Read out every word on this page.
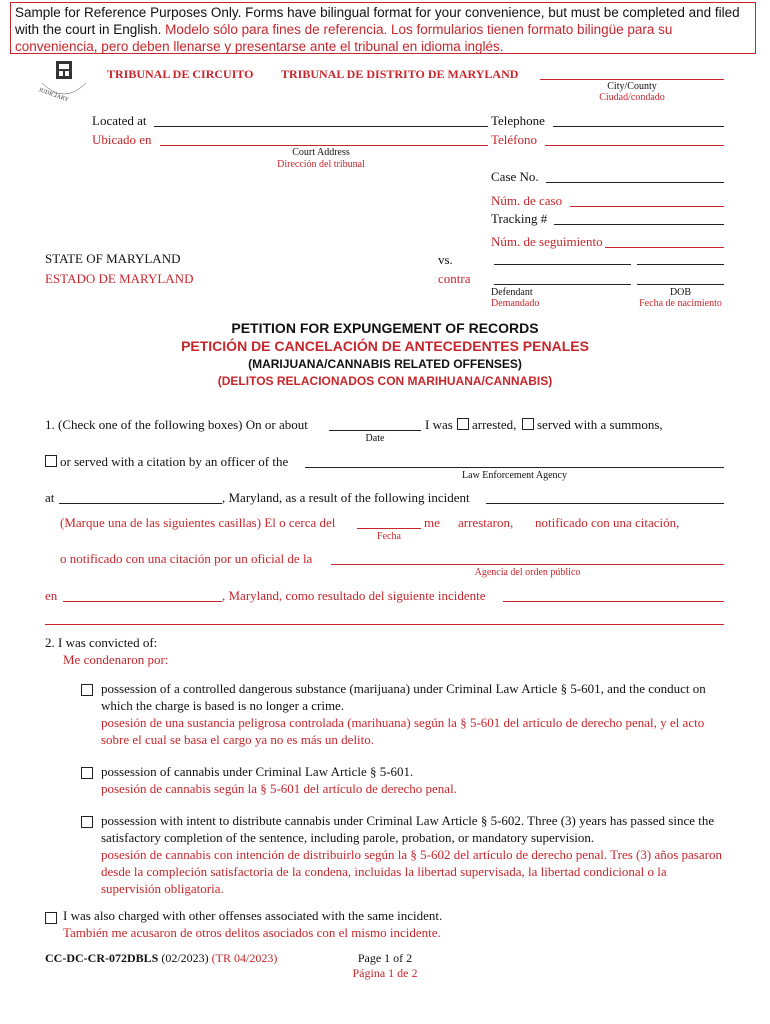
Sample for Reference Purposes Only. Forms have bilingual format for your convenience, but must be completed and filed with the court in English. Modelo sólo para fines de referencia. Los formularios tienen formato bilingüe para su conveniencia, pero deben llenarse y presentarse ante el tribunal en idioma inglés.
JUDICIARY
TRIBUNAL DE CIRCUITO TRIBUNAL DE DISTRITO DE MARYLAND
City/County
Ciudad/condado
Located at
Ubicado en
Court Address
Dirección del tribunal
Telephone
Teléfono
Case No.
Núm. de caso
Tracking #
Núm. de seguimiento
STATE OF MARYLAND
ESTADO DE MARYLAND
vs.
contra
Defendant
Demandado
DOB
Fecha de nacimiento
PETITION FOR EXPUNGEMENT OF RECORDS
PETICIÓN DE CANCELACIÓN DE ANTECEDENTES PENALES
(MARIJUANA/CANNABIS RELATED OFFENSES)
(DELITOS RELACIONADOS CON MARIHUANA/CANNABIS)
1. (Check one of the following boxes) On or about
Date
I was	arrested,	served with a summons,
or served with a citation by an officer of the
Law Enforcement Agency
at	, Maryland, as a result of the following incident
(Marque una de las siguientes casillas) El o cerca del
Fecha
me arrestaron, notificado con una citación,
o notificado con una citación por un oficial de la
Agencia del orden público
en	, Maryland, como resultado del siguiente incidente
2. I was convicted of:
Me condenaron por:
possession of a controlled dangerous substance (marijuana) under Criminal Law Article § 5-601, and the conduct on which the charge is based is no longer a crime.
posesión de una sustancia peligrosa controlada (marihuana) según la § 5-601 del artículo de derecho penal, y el acto sobre el cual se basa el cargo ya no es más un delito.
possession of cannabis under Criminal Law Article § 5-601.
posesión de cannabis según la § 5-601 del artículo de derecho penal.
possession with intent to distribute cannabis under Criminal Law Article § 5-602. Three (3) years has passed since the satisfactory completion of the sentence, including parole, probation, or mandatory supervision.
posesión de cannabis con intención de distribuirlo según la § 5-602 del artículo de derecho penal. Tres (3) años pasaron desde la compleción satisfactoria de la condena, incluidas la libertad supervisada, la libertad condicional o la supervisión obligatoria.
I was also charged with other offenses associated with the same incident.
También me acusaron de otros delitos asociados con el mismo incidente.
CC-DC-CR-072DBLS (02/2023) (TR 04/2023)	Page 1 of 2
Página 1 de 2
